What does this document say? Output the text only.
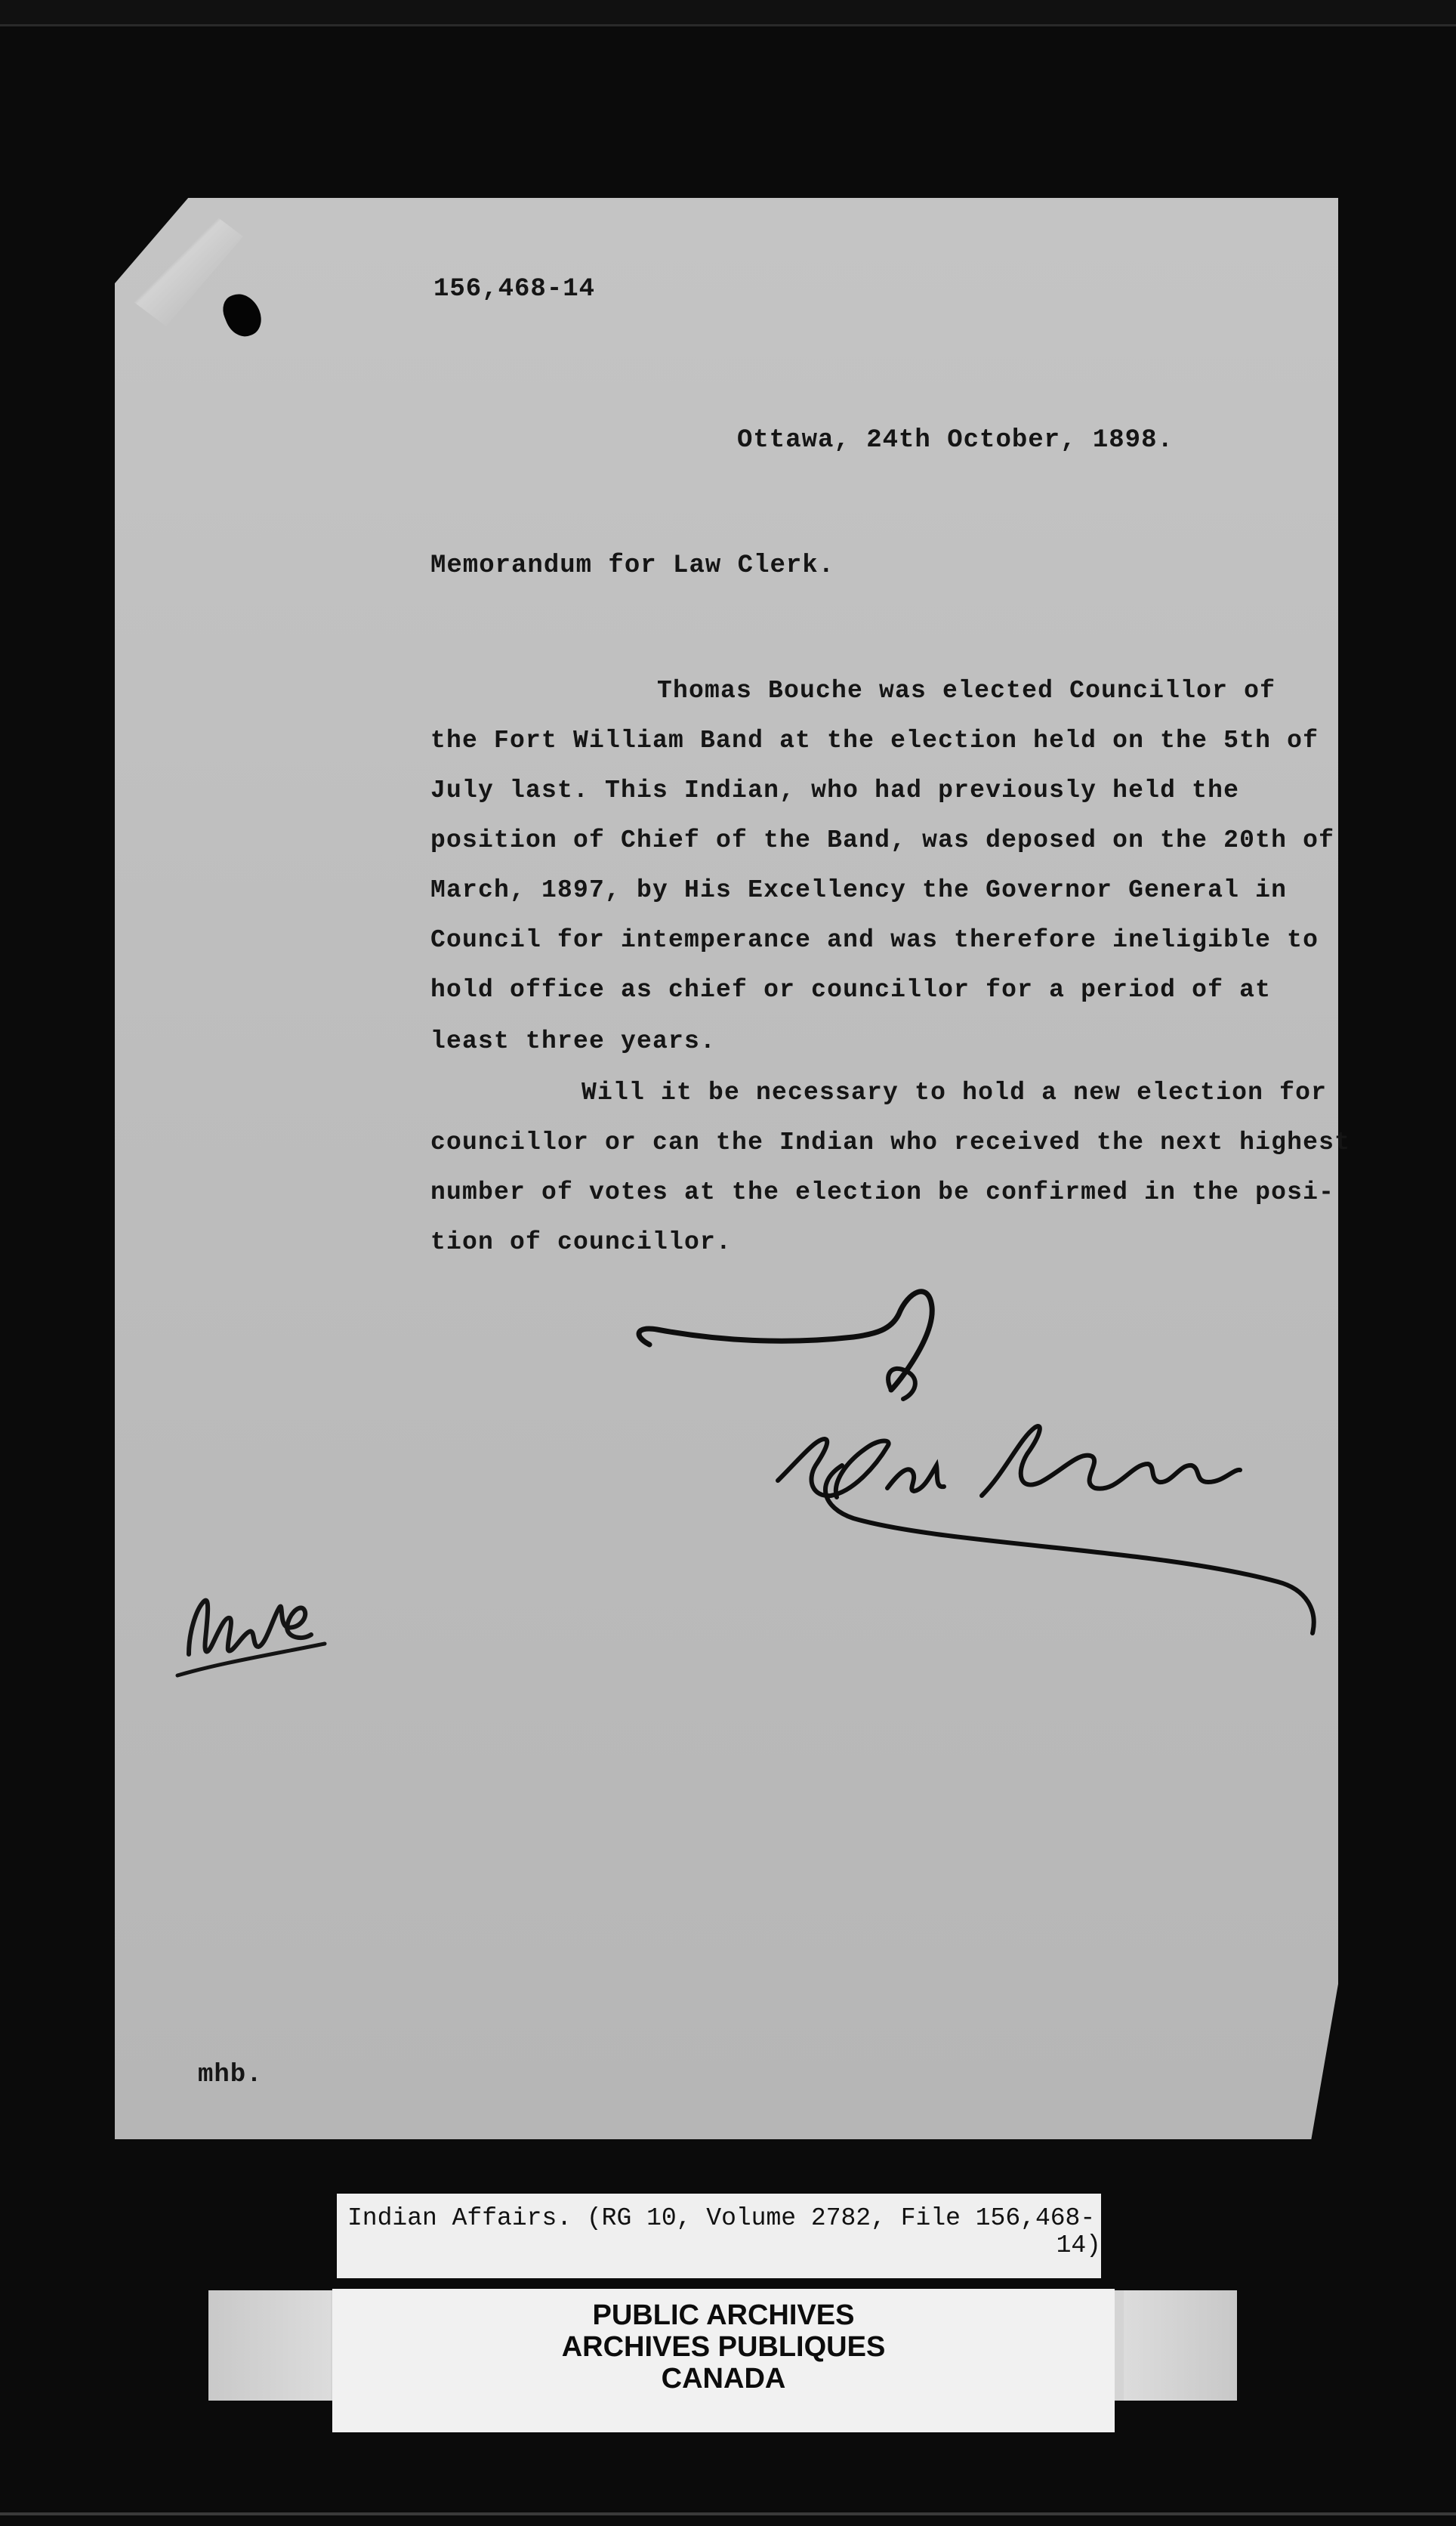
156,468-14
Ottawa, 24th October, 1898.
Memorandum for Law Clerk.
Thomas Bouche was elected Councillor of
the Fort William Band at the election held on the 5th of
July last. This Indian, who had previously held the
position of Chief of the Band, was deposed on the 20th of
March, 1897, by His Excellency the Governor General in
Council for intemperance and was therefore ineligible to
hold office as chief or councillor for a period of at
least three years.
Will it be necessary to hold a new election for
councillor or can the Indian who received the next highest
number of votes at the election be confirmed in the posi-
tion of councillor.
mhb.
Indian Affairs. (RG 10, Volume 2782, File 156,468-
14)
PUBLIC ARCHIVES
ARCHIVES PUBLIQUES
CANADA
